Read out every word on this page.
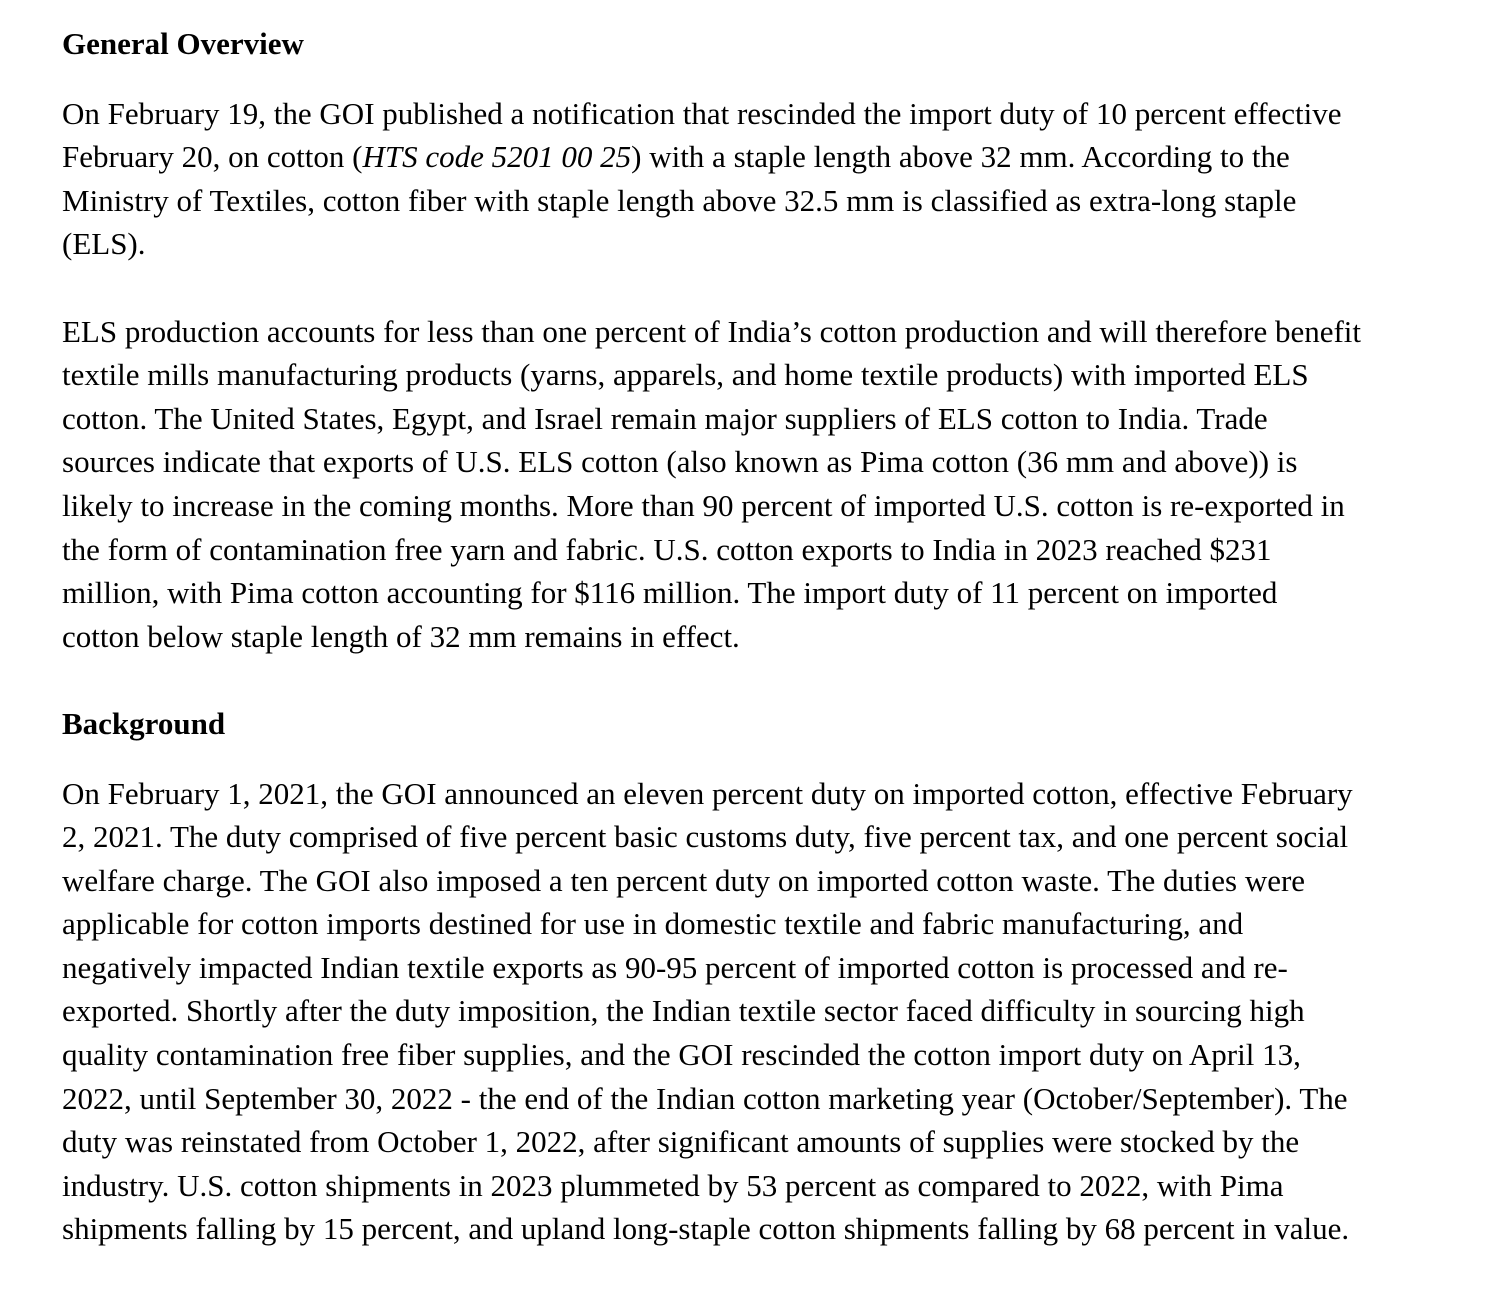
General Overview

On February 19, the GOI published a notification that rescinded the import duty of 10 percent effective
February 20, on cotton (HTS code 5201 00 25) with a staple length above 32 mm. According to the
Ministry of Textiles, cotton fiber with staple length above 32.5 mm is classified as extra-long staple
(ELS).

ELS production accounts for less than one percent of India’s cotton production and will therefore benefit
textile mills manufacturing products (yarns, apparels, and home textile products) with imported ELS
cotton. The United States, Egypt, and Israel remain major suppliers of ELS cotton to India. Trade
sources indicate that exports of U.S. ELS cotton (also known as Pima cotton (36 mm and above)) is
likely to increase in the coming months. More than 90 percent of imported U.S. cotton is re-exported in
the form of contamination free yarn and fabric. U.S. cotton exports to India in 2023 reached $231
million, with Pima cotton accounting for $116 million. The import duty of 11 percent on imported
cotton below staple length of 32 mm remains in effect.

Background

On February 1, 2021, the GOI announced an eleven percent duty on imported cotton, effective February
2, 2021. The duty comprised of five percent basic customs duty, five percent tax, and one percent social
welfare charge. The GOI also imposed a ten percent duty on imported cotton waste. The duties were
applicable for cotton imports destined for use in domestic textile and fabric manufacturing, and
negatively impacted Indian textile exports as 90-95 percent of imported cotton is processed and re-
exported. Shortly after the duty imposition, the Indian textile sector faced difficulty in sourcing high
quality contamination free fiber supplies, and the GOI rescinded the cotton import duty on April 13,
2022, until September 30, 2022 - the end of the Indian cotton marketing year (October/September). The
duty was reinstated from October 1, 2022, after significant amounts of supplies were stocked by the
industry. U.S. cotton shipments in 2023 plummeted by 53 percent as compared to 2022, with Pima
shipments falling by 15 percent, and upland long-staple cotton shipments falling by 68 percent in value.
